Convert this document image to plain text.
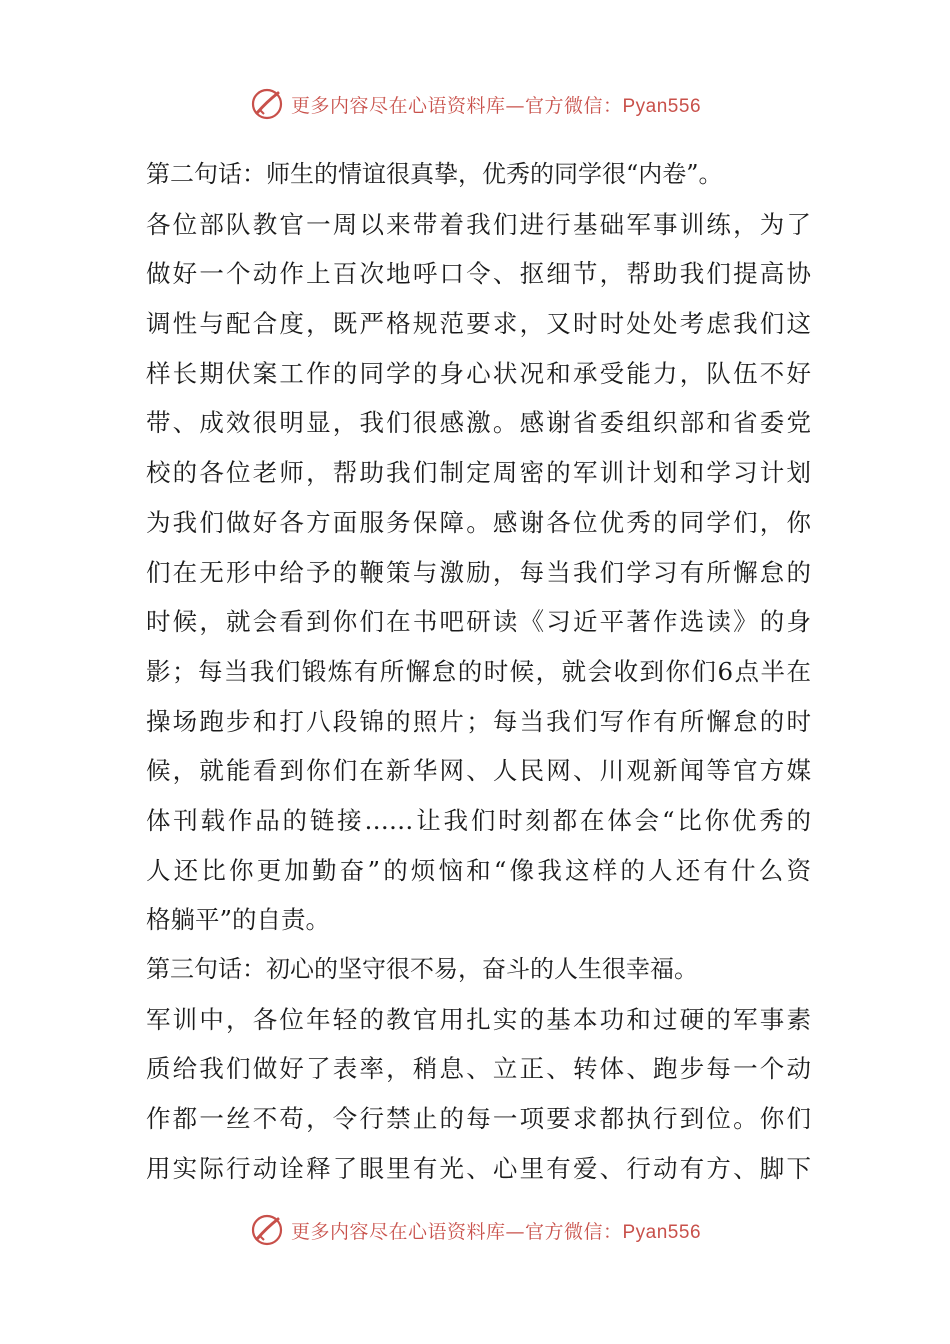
更多内容尽在心语资料库—官方微信：Pyan556
第二句话：师生的情谊很真挚，优秀的同学很“内卷”。
各位部队教官一周以来带着我们进行基础军事训练，为了
做好一个动作上百次地呼口令、抠细节，帮助我们提高协
调性与配合度，既严格规范要求，又时时处处考虑我们这
样长期伏案工作的同学的身心状况和承受能力，队伍不好
带、成效很明显，我们很感激。感谢省委组织部和省委党
校的各位老师，帮助我们制定周密的军训计划和学习计划
为我们做好各方面服务保障。感谢各位优秀的同学们，你
们在无形中给予的鞭策与激励，每当我们学习有所懈怠的
时候，就会看到你们在书吧研读《习近平著作选读》的身
影；每当我们锻炼有所懈怠的时候，就会收到你们6点半在
操场跑步和打八段锦的照片；每当我们写作有所懈怠的时
候，就能看到你们在新华网、人民网、川观新闻等官方媒
体刊载作品的链接……让我们时刻都在体会“比你优秀的
人还比你更加勤奋”的烦恼和“像我这样的人还有什么资
格躺平”的自责。
第三句话：初心的坚守很不易，奋斗的人生很幸福。
军训中，各位年轻的教官用扎实的基本功和过硬的军事素
质给我们做好了表率，稍息、立正、转体、跑步每一个动
作都一丝不苟，令行禁止的每一项要求都执行到位。你们
用实际行动诠释了眼里有光、心里有爱、行动有方、脚下
更多内容尽在心语资料库—官方微信：Pyan556
